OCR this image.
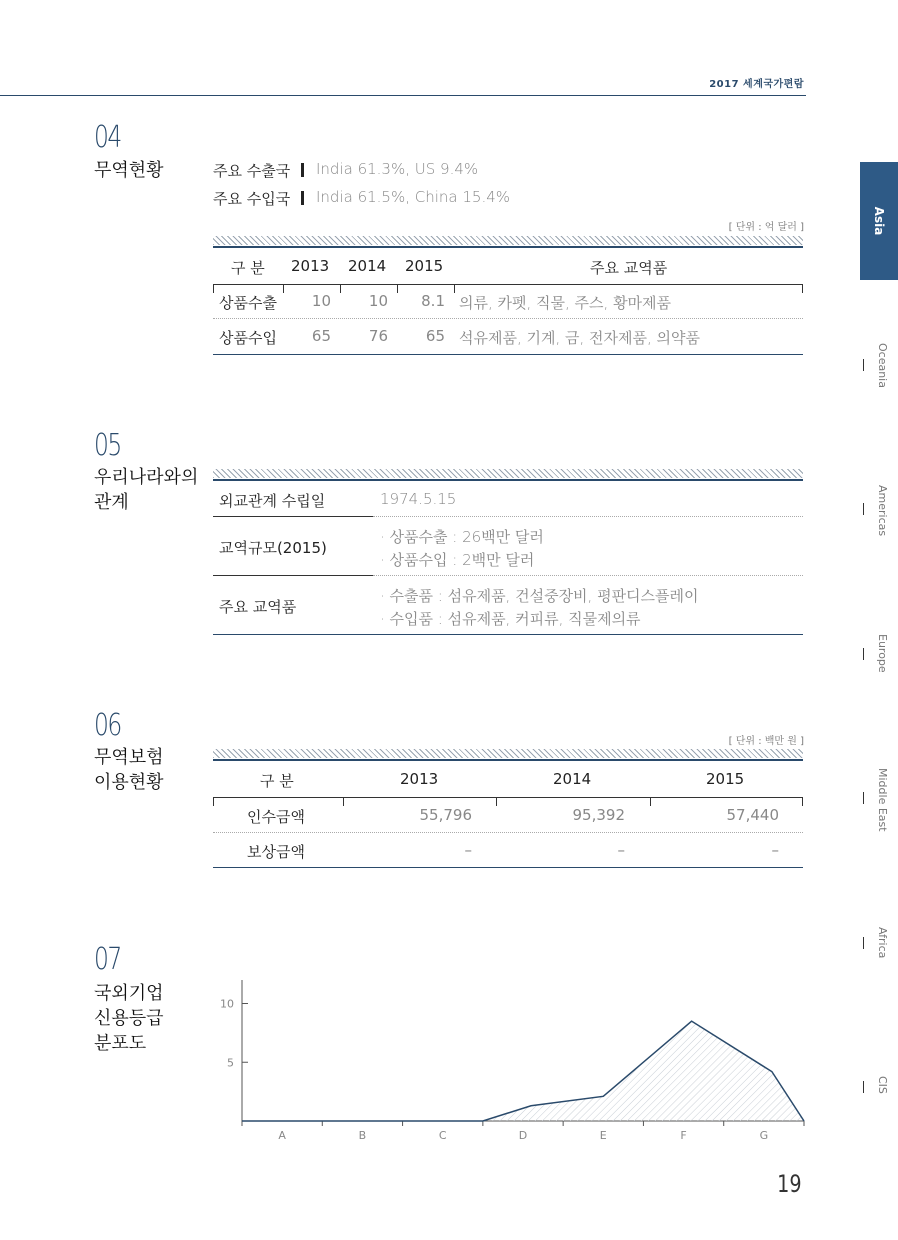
2017 세계국가편람
Asia
Oceania
Americas
Europe
Middle East
Africa
CIS
04
무역현황	주요 수출국 India 61.3%, US 9.4%
주요 수입국 India 61.5%, China 15.4%
[ 단위 : 억 달러 ]
구 분 2013 2014 2015	주요 교역품
상품수출	10	10	8.1 의류, 카펫, 직물, 주스, 황마제품
상품수입	65	76	65 석유제품, 기계, 금, 전자제품, 의약품
05
우리나라와의
관계	외교관계 수립일	1974.5.15
교역규모(2015)
· 상품수출 : 26백만 달러
· 상품수입 : 2백만 달러
주요 교역품
· 수출품 : 섬유제품, 건설중장비, 평판디스플레이
· 수입품 : 섬유제품, 커피류, 직물제의류
06
무역보험
이용현황
[ 단위 : 백만 원 ]
구 분	2013	2014	2015
인수금액	55,796	95,392	57,440
보상금액	–	–	–
07
국외기업
신용등급
분포도
10
5
A	B	C	D	E	F	G
19
